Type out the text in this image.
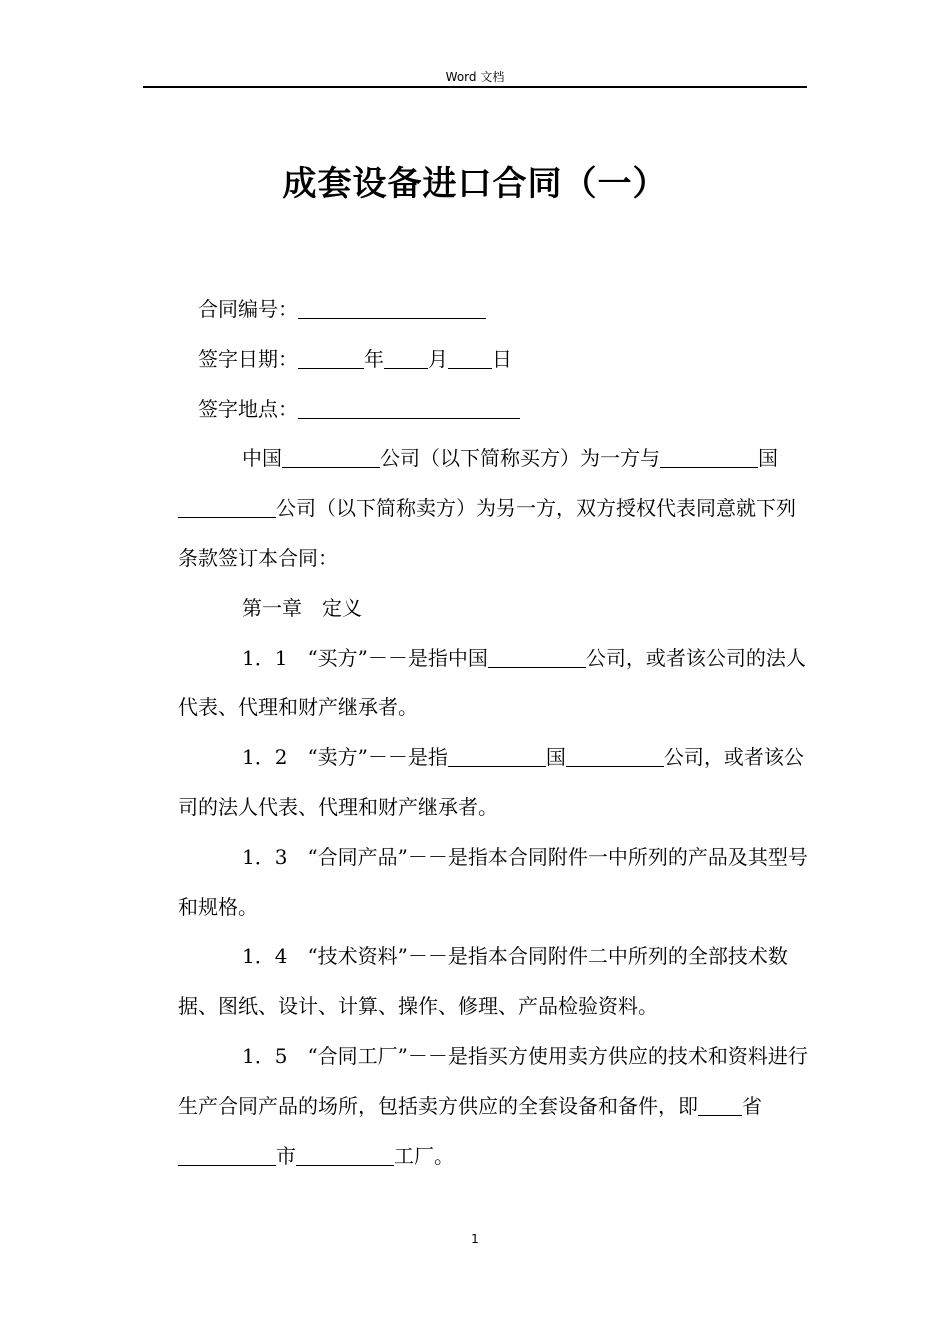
Word 文档
成套设备进口合同（一）

合同编号：

签字日期：	年 月 日

签字地点：

中国	公司（以下简称买方）为一方与	国公司（以下简称卖方）为另一方，双方授权代表同意就下列条款签订本合同：

第一章　定义

1．1　“买方”－－是指中国	公司，或者该公司的法人代表、代理和财产继承者。

1．2　“卖方”－－是指	国	公司，或者该公司的法人代表、代理和财产继承者。

1．3　“合同产品”－－是指本合同附件一中所列的产品及其型号和规格。

1．4　“技术资料”－－是指本合同附件二中所列的全部技术数据、图纸、设计、计算、操作、修理、产品检验资料。

1．5　“合同工厂”－－是指买方使用卖方供应的技术和资料进行生产合同产品的场所，包括卖方供应的全套设备和备件，即 省市	工厂。

1
